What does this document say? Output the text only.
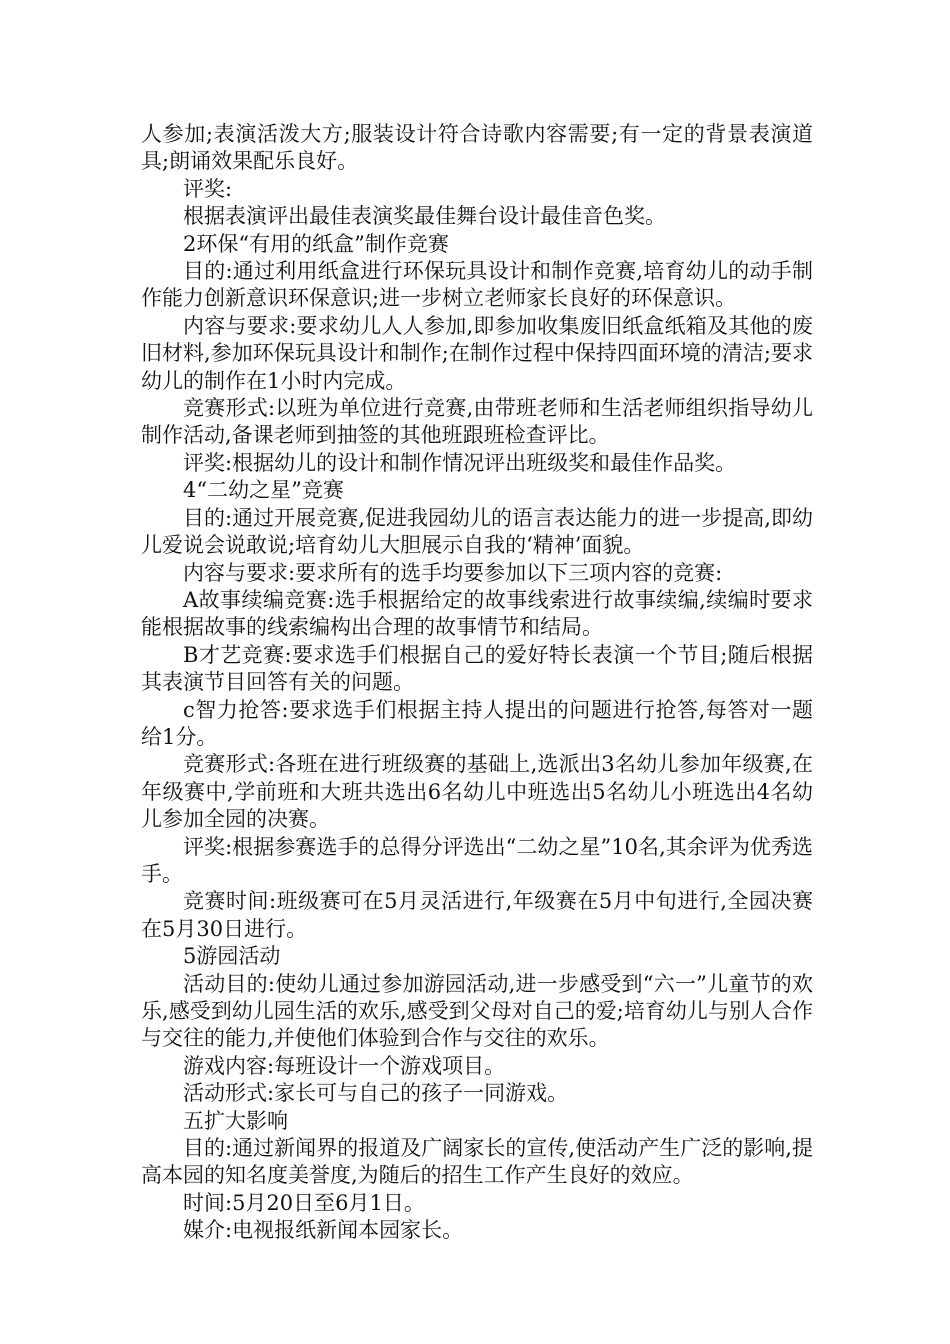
人参加;表演活泼大方;服装设计符合诗歌内容需要;有一定的背景表演道具;朗诵效果配乐良好。

评奖:

根据表演评出最佳表演奖最佳舞台设计最佳音色奖。

2环保“有用的纸盒”制作竞赛

目的:通过利用纸盒进行环保玩具设计和制作竞赛,培育幼儿的动手制作能力创新意识环保意识;进一步树立老师家长良好的环保意识。

内容与要求:要求幼儿人人参加,即参加收集废旧纸盒纸箱及其他的废旧材料,参加环保玩具设计和制作;在制作过程中保持四面环境的清洁;要求幼儿的制作在1小时内完成。

竞赛形式:以班为单位进行竞赛,由带班老师和生活老师组织指导幼儿制作活动,备课老师到抽签的其他班跟班检查评比。

评奖:根据幼儿的设计和制作情况评出班级奖和最佳作品奖。

4“二幼之星”竞赛

目的:通过开展竞赛,促进我园幼儿的语言表达能力的进一步提高,即幼儿爱说会说敢说;培育幼儿大胆展示自我的‘精神’面貌。

内容与要求:要求所有的选手均要参加以下三项内容的竞赛:

A故事续编竞赛:选手根据给定的故事线索进行故事续编,续编时要求能根据故事的线索编构出合理的故事情节和结局。

B才艺竞赛:要求选手们根据自己的爱好特长表演一个节目;随后根据其表演节目回答有关的问题。

c智力抢答:要求选手们根据主持人提出的问题进行抢答,每答对一题给1分。

竞赛形式:各班在进行班级赛的基础上,选派出3名幼儿参加年级赛,在年级赛中,学前班和大班共选出6名幼儿中班选出5名幼儿小班选出4名幼儿参加全园的决赛。

评奖:根据参赛选手的总得分评选出“二幼之星”10名,其余评为优秀选手。

竞赛时间:班级赛可在5月灵活进行,年级赛在5月中旬进行,全园决赛在5月30日进行。

5游园活动

活动目的:使幼儿通过参加游园活动,进一步感受到“六一”儿童节的欢乐,感受到幼儿园生活的欢乐,感受到父母对自己的爱;培育幼儿与别人合作与交往的能力,并使他们体验到合作与交往的欢乐。

游戏内容:每班设计一个游戏项目。

活动形式:家长可与自己的孩子一同游戏。

五扩大影响

目的:通过新闻界的报道及广阔家长的宣传,使活动产生广泛的影响,提高本园的知名度美誉度,为随后的招生工作产生良好的效应。

时间:5月20日至6月1日。

媒介:电视报纸新闻本园家长。
